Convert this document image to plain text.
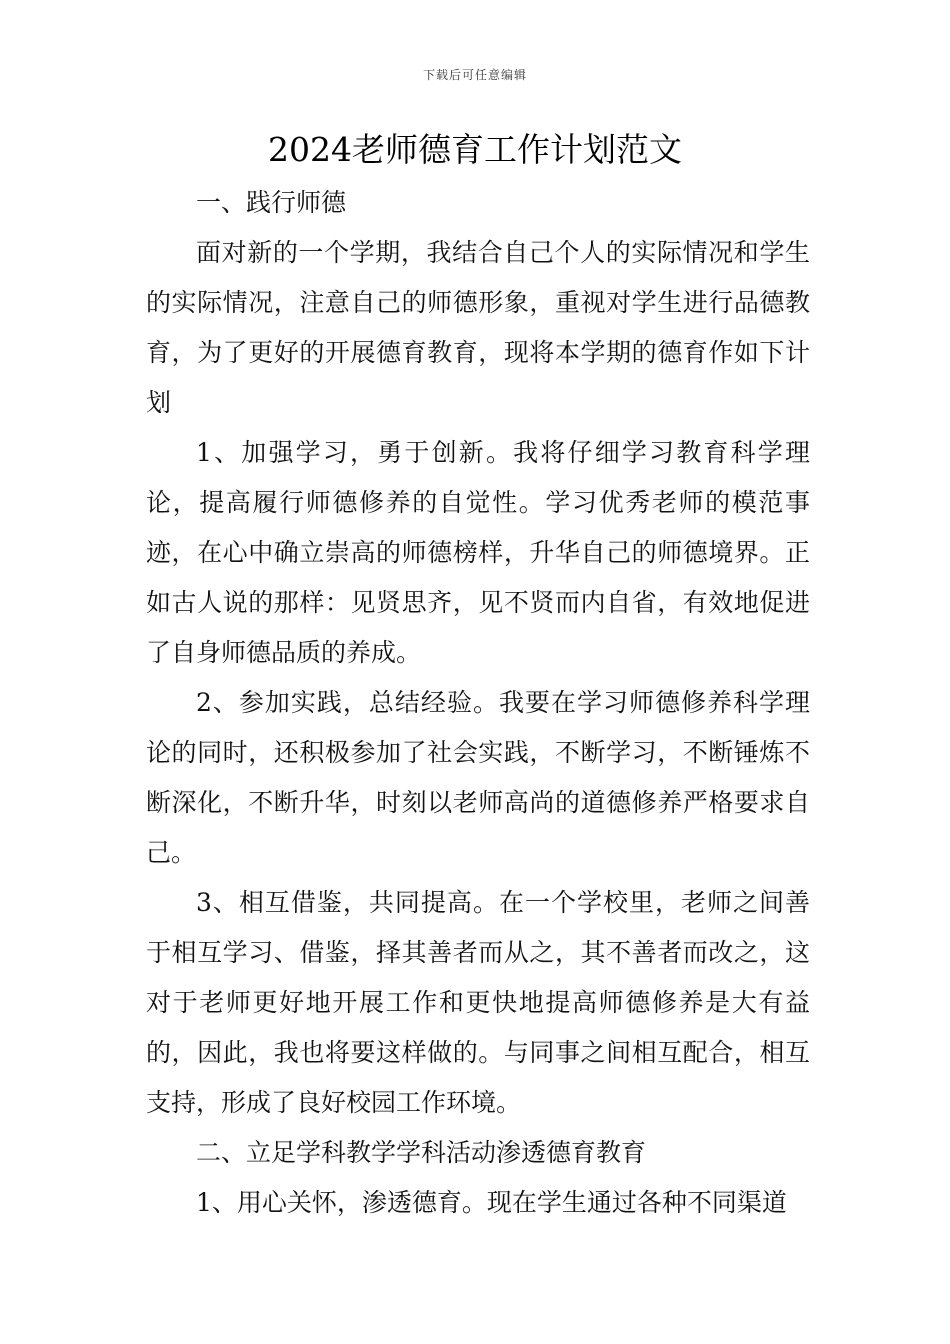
下载后可任意编辑
2024老师德育工作计划范文

一、践行师德

面对新的一个学期，我结合自己个人的实际情况和学生的实际情况，注意自己的师德形象，重视对学生进行品德教育，为了更好的开展德育教育，现将本学期的德育作如下计划

1、加强学习，勇于创新。我将仔细学习教育科学理论，提高履行师德修养的自觉性。学习优秀老师的模范事迹，在心中确立崇高的师德榜样，升华自己的师德境界。正如古人说的那样：见贤思齐，见不贤而内自省，有效地促进了自身师德品质的养成。

2、参加实践，总结经验。我要在学习师德修养科学理论的同时，还积极参加了社会实践，不断学习，不断锤炼不断深化，不断升华，时刻以老师高尚的道德修养严格要求自己。

3、相互借鉴，共同提高。在一个学校里，老师之间善于相互学习、借鉴，择其善者而从之，其不善者而改之，这对于老师更好地开展工作和更快地提高师德修养是大有益的，因此，我也将要这样做的。与同事之间相互配合，相互支持，形成了良好校园工作环境。

二、立足学科教学学科活动渗透德育教育

1、用心关怀，渗透德育。现在学生通过各种不同渠道
